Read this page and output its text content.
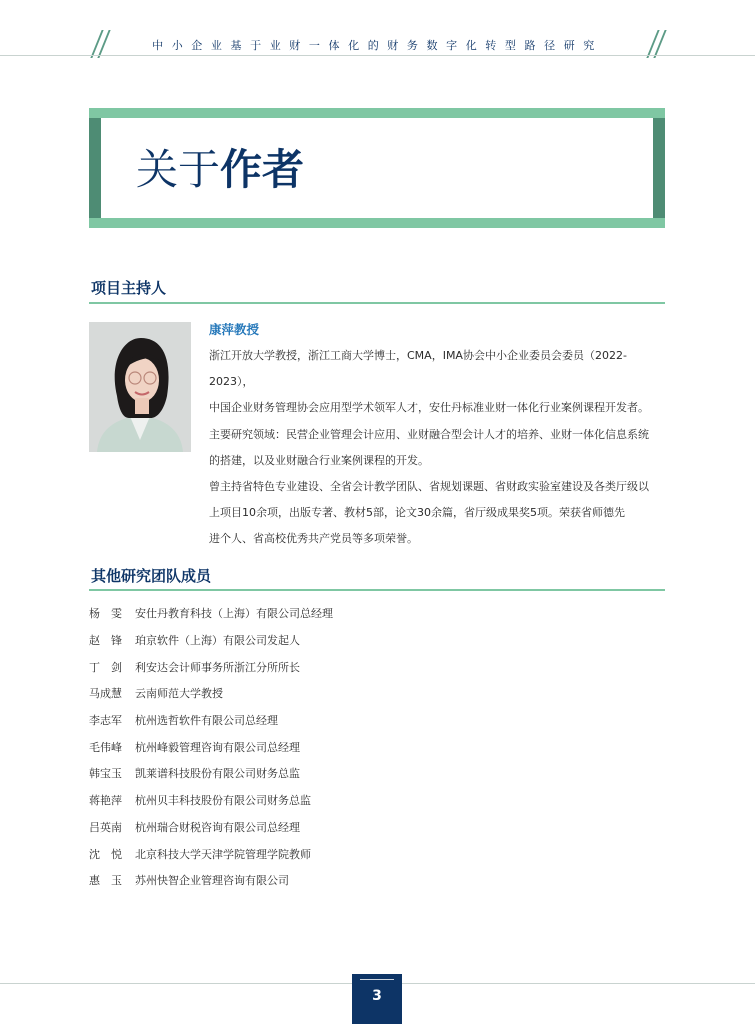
中小企业基于业财一体化的财务数字化转型路径研究
关于作者
项目主持人
康萍教授

浙江开放大学教授，浙江工商大学博士，CMA，IMA协会中小企业委员会委员（2022-2023），

中国企业财务管理协会应用型学术领军人才，安仕丹标准业财一体化行业案例课程开发者。

主要研究领域：民营企业管理会计应用、业财融合型会计人才的培养、业财一体化信息系统

的搭建，以及业财融合行业案例课程的开发。

曾主持省特色专业建设、全省会计教学团队、省规划课题、省财政实验室建设及各类厅级以

上项目10余项，出版专著、教材5部，论文30余篇，省厅级成果奖5项。荣获省师德先

进个人、省高校优秀共产党员等多项荣誉。

其他研究团队成员
杨　雯	安仕丹教育科技（上海）有限公司总经理
赵　锋	珀京软件（上海）有限公司发起人
丁　剑	利安达会计师事务所浙江分所所长
马成慧	云南师范大学教授
李志军	杭州选哲软件有限公司总经理
毛伟峰	杭州峰毅管理咨询有限公司总经理
韩宝玉	凯莱谱科技股份有限公司财务总监
蒋艳萍	杭州贝丰科技股份有限公司财务总监
吕英南	杭州瑞合财税咨询有限公司总经理
沈　悦	北京科技大学天津学院管理学院教师
惠　玉	苏州快智企业管理咨询有限公司
3
